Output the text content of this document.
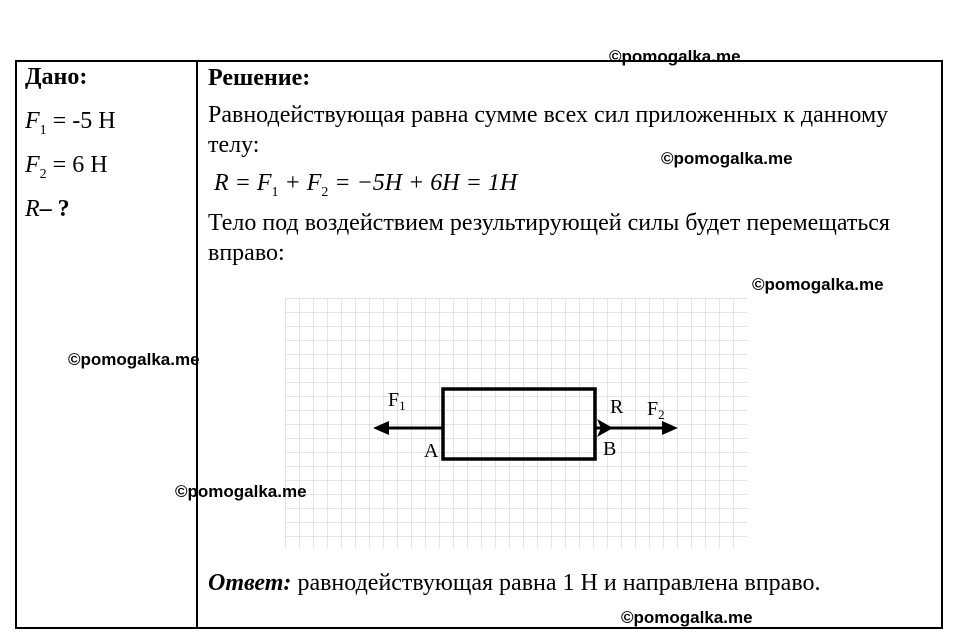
Дано:
$F_1 = -5$ Н
$F_2 = 6$ Н
R– ?
Решение:
Равнодействующая равна сумме всех сил приложенных к данному телу:
$R = F_1 + F_2 = -5H + 6H = 1H$
Тело под воздействием результирующей силы будет перемещаться вправо:
$F_1$	R $F_2$
A	B
Ответ: равнодействующая равна 1 Н и направлена вправо.
©pomogalka.me
©pomogalka.me
©pomogalka.me
©pomogalka.me
©pomogalka.me
©pomogalka.me
